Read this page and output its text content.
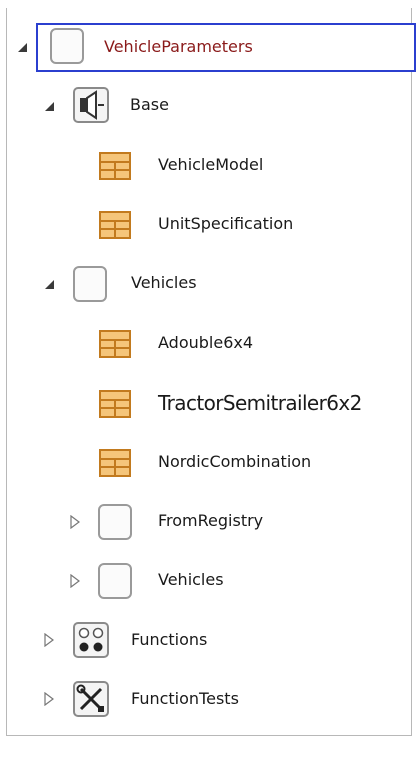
VehicleParameters
Base
VehicleModel
UnitSpecification
Vehicles
Adouble6x4
TractorSemitrailer6x2
NordicCombination
FromRegistry
Vehicles
Functions
FunctionTests
